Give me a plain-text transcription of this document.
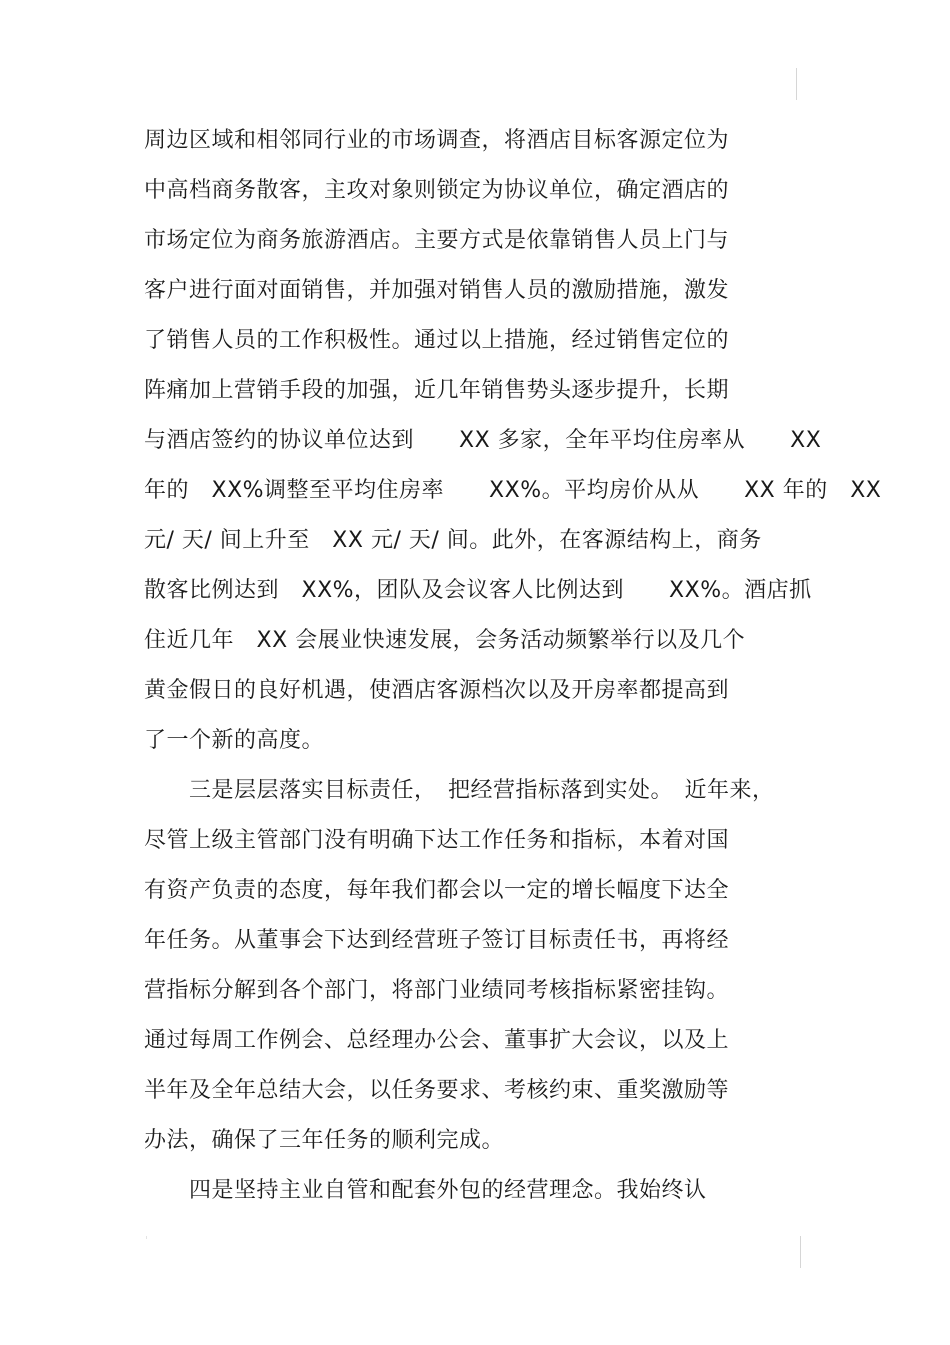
周边区域和相邻同行业的市场调查，将酒店目标客源定位为
中高档商务散客，主攻对象则锁定为协议单位，确定酒店的
市场定位为商务旅游酒店。主要方式是依靠销售人员上门与
客户进行面对面销售，并加强对销售人员的激励措施，激发
了销售人员的工作积极性。通过以上措施，经过销售定位的
阵痛加上营销手段的加强，近几年销售势头逐步提升，长期
与酒店签约的协议单位达到　　XX 多家，全年平均住房率从　　XX
年的　XX%调整至平均住房率　　XX%。平均房价从从　　XX 年的　XX
元/ 天/ 间上升至　XX 元/ 天/ 间。此外，在客源结构上，商务
散客比例达到　XX%，团队及会议客人比例达到　　XX%。酒店抓
住近几年　XX 会展业快速发展，会务活动频繁举行以及几个
黄金假日的良好机遇，使酒店客源档次以及开房率都提高到
了一个新的高度。
　　三是层层落实目标责任，　把经营指标落到实处。　近年来，
尽管上级主管部门没有明确下达工作任务和指标，本着对国
有资产负责的态度，每年我们都会以一定的增长幅度下达全
年任务。从董事会下达到经营班子签订目标责任书，再将经
营指标分解到各个部门，将部门业绩同考核指标紧密挂钩。
通过每周工作例会、总经理办公会、董事扩大会议，以及上
半年及全年总结大会，以任务要求、考核约束、重奖激励等
办法，确保了三年任务的顺利完成。
　　四是坚持主业自管和配套外包的经营理念。我始终认
